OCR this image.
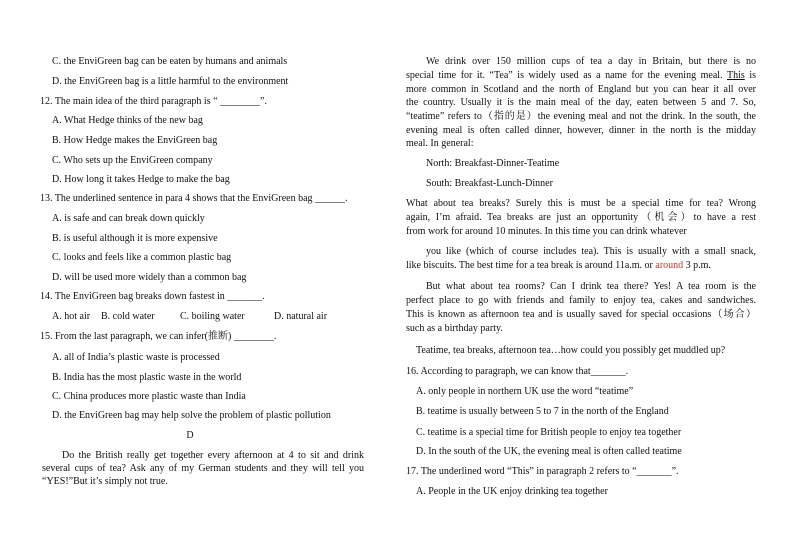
C. the EnviGreen bag can be eaten by humans and animals
D. the EnviGreen bag is a little harmful to the environment
12. The main idea of the third paragraph is “ ________”.
A. What Hedge thinks of the new bag
B. How Hedge makes the EnviGreen bag
C. Who sets up the EnviGreen company
D. How long it takes Hedge to make the bag
13. The underlined sentence in para 4 shows that the EnviGreen bag ______.
A. is safe and can break down quickly
B. is useful although it is more expensive
C. looks and feels like a common plastic bag
D. will be used more widely than a common bag
14. The EnviGreen bag breaks down fastest in _______.
A. hot air B. cold water	C. boiling water	D. natural air
15. From the last paragraph, we can infer(推断) ________.
A. all of India’s plastic waste is processed
B. India has the most plastic waste in the world
C. China produces more plastic waste than India
D. the EnviGreen bag may help solve the problem of plastic pollution
D
Do the British really get together every afternoon at 4 to sit and drink
several cups of tea? Ask any of my German students and they will tell you
“YES!”But it’s simply not true.
We drink over 150 million cups of tea a day in Britain, but there is no
special time for it. “Tea” is widely used as a name for the evening meal. This is
more common in Scotland and the north of England but you can hear it all over
the country. Usually it is the main meal of the day, eaten between 5 and 7. So,
“teatime” refers to（指的是）the evening meal and not the drink. In the south, the
evening meal is often called dinner, however, dinner in the north is the midday
meal. In general:
North: Breakfast-Dinner-Teatime
South: Breakfast-Lunch-Dinner
What about tea breaks? Surely this is must be a special time for tea? Wrong
again, I’m afraid. Tea breaks are just an opportunity（机会）to have a rest
from work for around 10 minutes. In this time you can drink whatever
you like (which of course includes tea). This is usually with a small snack,
like biscuits. The best time for a tea break is around 11a.m. or around 3 p.m.
But what about tea rooms? Can I drink tea there? Yes! A tea room is the
perfect place to go with friends and family to enjoy tea, cakes and sandwiches.
This is known as afternoon tea and is usually saved for special occasions（场合）
such as a birthday party.
Teatime, tea breaks, afternoon tea…how could you possibly get muddled up?
16. According to paragraph, we can know that_______.
A. only people in northern UK use the word “teatime”
B. teatime is usually between 5 to 7 in the north of the England
C. teatime is a special time for British people to enjoy tea together
D. In the south of the UK, the evening meal is often called teatime
17. The underlined word “This” in paragraph 2 refers to “_______”.
A. People in the UK enjoy drinking tea together
